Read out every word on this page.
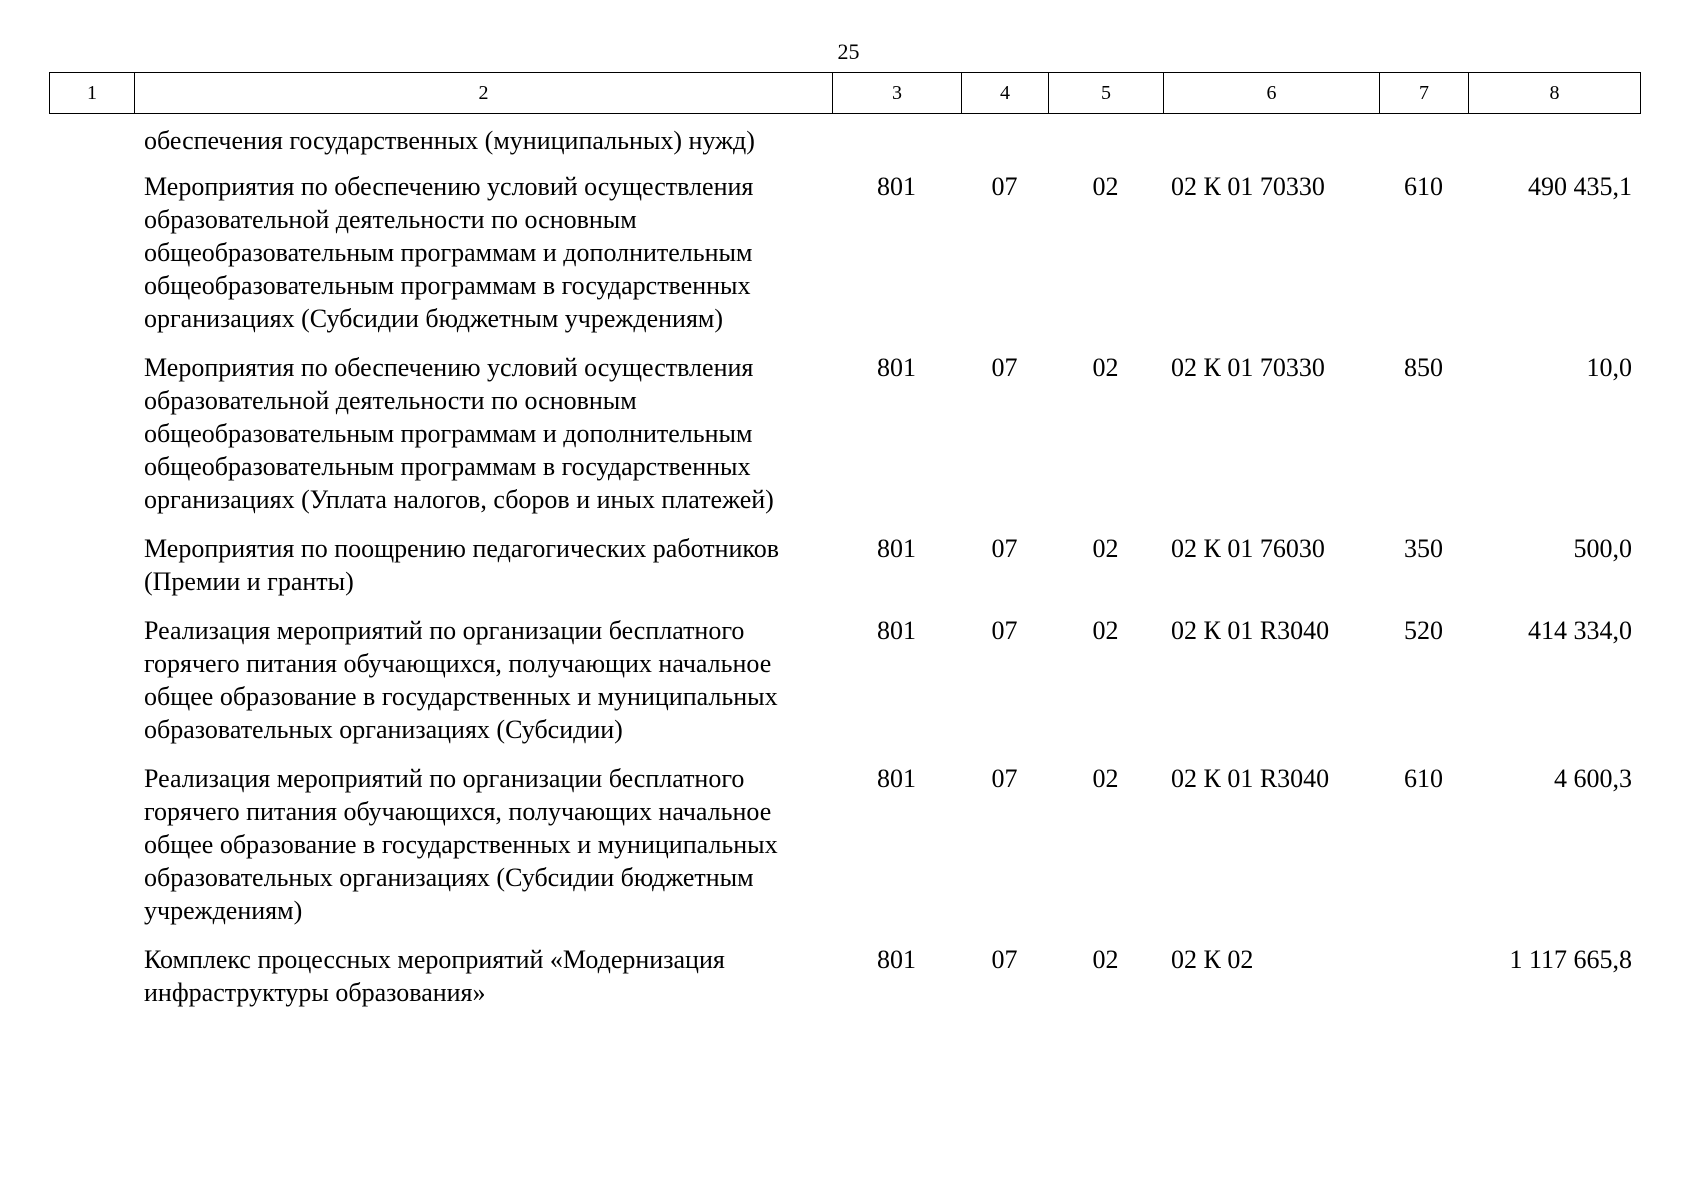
25
1	2	3	4	5	6	7	8
обеспечения государственных (муниципальных) нужд)						
Мероприятия по обеспечению условий осуществления образовательной деятельности по основным общеобразовательным программам и дополнительным общеобразовательным программам в государственных организациях (Субсидии бюджетным учреждениям)	801	07	02	02 К 01 70330	610	490 435,1
Мероприятия по обеспечению условий осуществления образовательной деятельности по основным общеобразовательным программам и дополнительным общеобразовательным программам в государственных организациях (Уплата налогов, сборов и иных платежей)	801	07	02	02 К 01 70330	850	10,0
Мероприятия по поощрению педагогических работников (Премии и гранты)	801	07	02	02 К 01 76030	350	500,0
Реализация мероприятий по организации бесплатного горячего питания обучающихся, получающих начальное общее образование в государственных и муниципальных образовательных организациях (Субсидии)	801	07	02	02 К 01 R3040	520	414 334,0
Реализация мероприятий по организации бесплатного горячего питания обучающихся, получающих начальное общее образование в государственных и муниципальных образовательных организациях (Субсидии бюджетным учреждениям)	801	07	02	02 К 01 R3040	610	4 600,3
Комплекс процессных мероприятий «Модернизация инфраструктуры образования»	801	07	02	02 К 02		1 117 665,8
